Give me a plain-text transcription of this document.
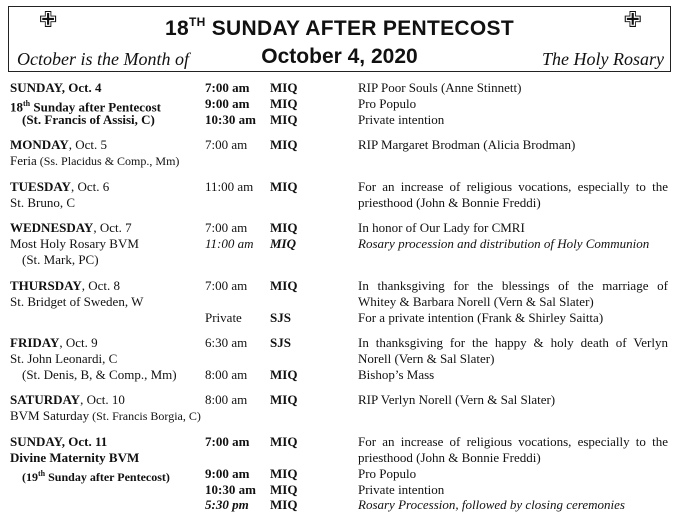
✙	✙
18TH SUNDAY AFTER PENTECOST
October is the Month of	October 4, 2020	The Holy Rosary
SUNDAY, Oct. 4
18th Sunday after Pentecost
(St. Francis of Assisi, C)
7:00 am MIQ	RIP Poor Souls (Anne Stinnett)
9:00 am MIQ	Pro Populo
10:30 am MIQ	Private intention
MONDAY, Oct. 5
Feria (Ss. Placidus & Comp., Mm)
7:00 am MIQ	RIP Margaret Brodman (Alicia Brodman)
TUESDAY, Oct. 6
St. Bruno, C
11:00 am MIQ	For an increase of religious vocations, especially to the
priesthood (John & Bonnie Freddi)
WEDNESDAY, Oct. 7
Most Holy Rosary BVM
(St. Mark, PC)
7:00 am MIQ	In honor of Our Lady for CMRI
11:00 am MIQ	Rosary procession and distribution of Holy Communion
THURSDAY, Oct. 8
St. Bridget of Sweden, W
7:00 am MIQ	In thanksgiving for the blessings of the marriage of
Whitey & Barbara Norell (Vern & Sal Slater)
Private SJS	For a private intention (Frank & Shirley Saitta)
FRIDAY, Oct. 9
St. John Leonardi, C
(St. Denis, B, & Comp., Mm)
6:30 am SJS	In thanksgiving for the happy & holy death of Verlyn
Norell (Vern & Sal Slater)
8:00 am MIQ	Bishop’s Mass
SATURDAY, Oct. 10
BVM Saturday (St. Francis Borgia, C)
8:00 am MIQ	RIP Verlyn Norell (Vern & Sal Slater)
SUNDAY, Oct. 11
Divine Maternity BVM
(19th Sunday after Pentecost)
7:00 am MIQ	For an increase of religious vocations, especially to the
priesthood (John & Bonnie Freddi)
9:00 am MIQ	Pro Populo
10:30 am MIQ	Private intention
5:30 pm MIQ	Rosary Procession, followed by closing ceremonies
